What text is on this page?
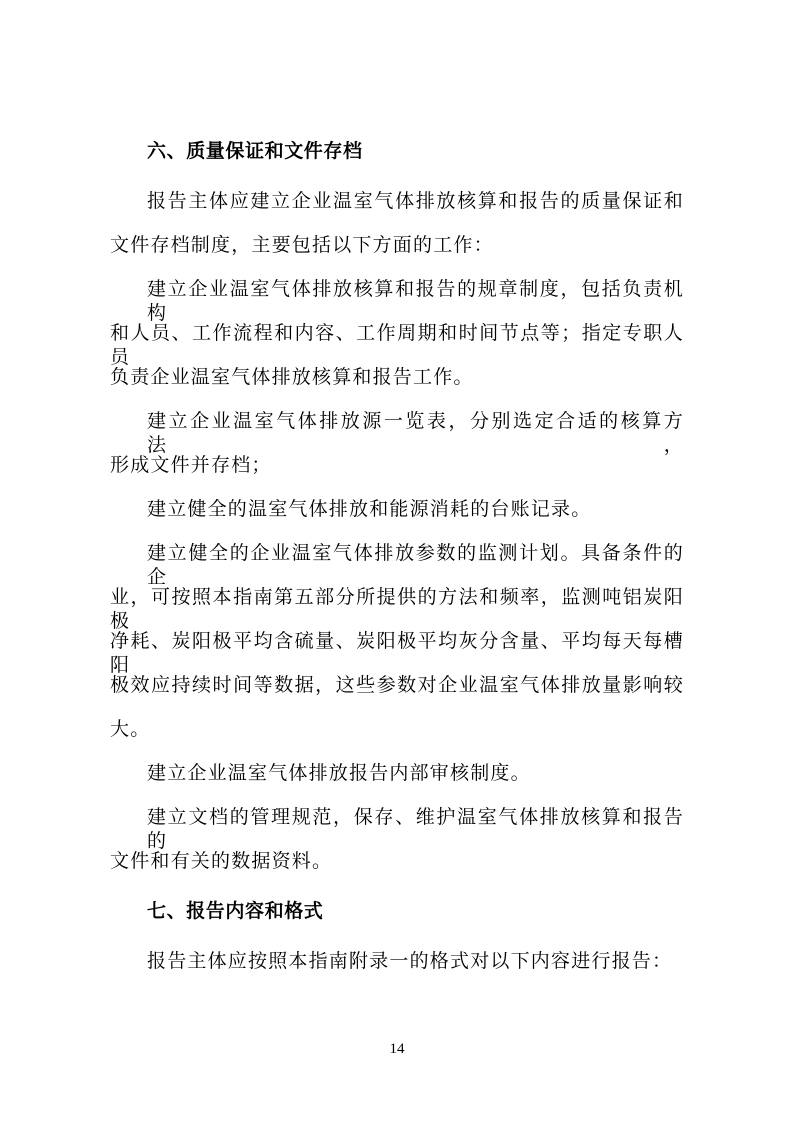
六、质量保证和文件存档
报告主体应建立企业温室气体排放核算和报告的质量保证和
文件存档制度，主要包括以下方面的工作：
建立企业温室气体排放核算和报告的规章制度，包括负责机构
和人员、工作流程和内容、工作周期和时间节点等；指定专职人员
负责企业温室气体排放核算和报告工作。
建立企业温室气体排放源一览表，分别选定合适的核算方法，
形成文件并存档；
建立健全的温室气体排放和能源消耗的台账记录。
建立健全的企业温室气体排放参数的监测计划。具备条件的企
业，可按照本指南第五部分所提供的方法和频率，监测吨铝炭阳极
净耗、炭阳极平均含硫量、炭阳极平均灰分含量、平均每天每槽阳
极效应持续时间等数据，这些参数对企业温室气体排放量影响较
大。
建立企业温室气体排放报告内部审核制度。
建立文档的管理规范，保存、维护温室气体排放核算和报告的
文件和有关的数据资料。
七、报告内容和格式
报告主体应按照本指南附录一的格式对以下内容进行报告：
14
